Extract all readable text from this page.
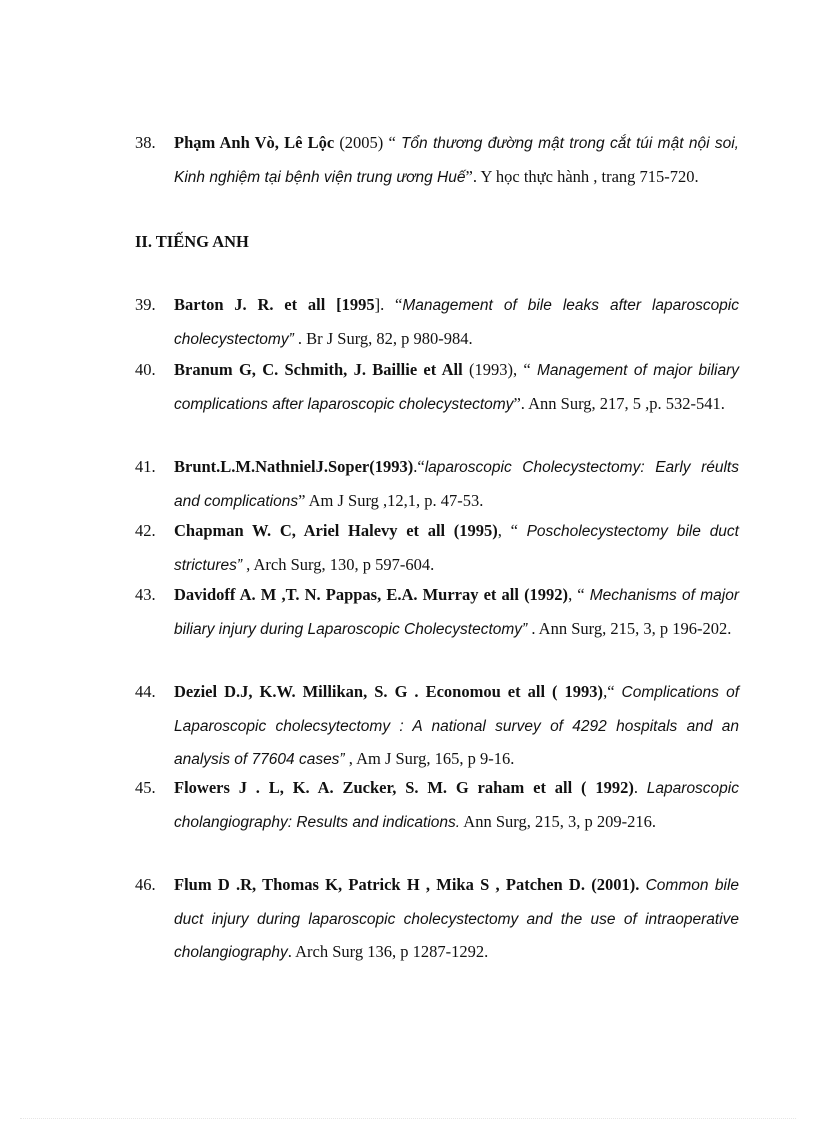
38.	Phạm Anh Vò, Lê Lộc (2005) “ Tổn thương đường mật trong cắt túi mật nội soi, Kinh nghiệm tại bệnh viện trung ương Huế”. Y học thực hành , trang 715-720.
II. TIẾNG ANH
39.	Barton J. R. et all [1995]. “Management of bile leaks after laparoscopic cholecystectomy” . Br J Surg, 82, p 980-984.
40.	Branum G, C. Schmith, J. Baillie et All (1993), “ Management of major biliary complications after laparoscopic cholecystectomy”. Ann Surg, 217, 5 ,p. 532-541.
41.	Brunt.L.M.NathnielJ.Soper(1993).“laparoscopic Cholecystectomy: Early réults and complications” Am J Surg ,12,1, p. 47-53.
42.	Chapman W. C, Ariel Halevy et all (1995), “ Poscholecystectomy bile duct strictures” , Arch Surg, 130, p 597-604.
43.	Davidoff A. M ,T. N. Pappas, E.A. Murray et all (1992), “ Mechanisms of major biliary injury during Laparoscopic Cholecystectomy” . Ann Surg, 215, 3, p 196-202.
44.	Deziel D.J, K.W. Millikan, S. G . Economou et all ( 1993),“ Complications of Laparoscopic cholecsytectomy : A national survey of 4292 hospitals and an analysis of 77604 cases” , Am J Surg, 165, p 9-16.
45.	Flowers J . L, K. A. Zucker, S. M. G raham et all ( 1992). Laparoscopic cholangiography: Results and indications. Ann Surg, 215, 3, p 209-216.
46.	Flum D .R, Thomas K, Patrick H , Mika S , Patchen D. (2001). Common bile duct injury during laparoscopic cholecystectomy and the use of intraoperative cholangiography. Arch Surg 136, p 1287-1292.
